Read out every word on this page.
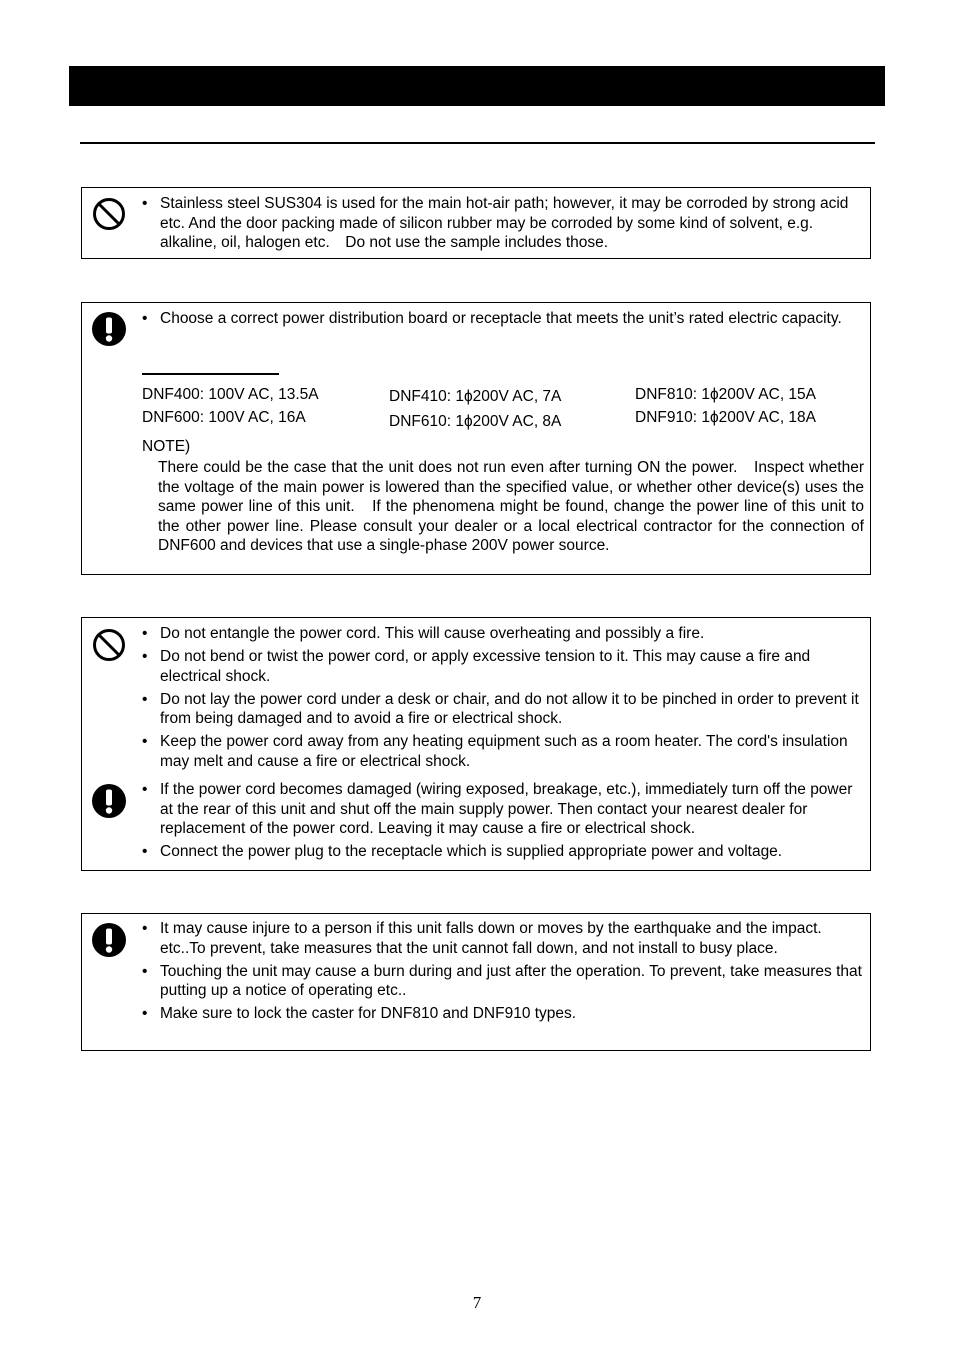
• Stainless steel SUS304 is used for the main hot-air path; however, it may be corroded by strong acid etc. And the door packing made of silicon rubber may be corroded by some kind of solvent, e.g. alkaline, oil, halogen etc.　Do not use the sample includes those.
• Choose a correct power distribution board or receptacle that meets the unit’s rated electric capacity.
DNF400: 100V AC, 13.5A
DNF600: 100V AC, 16A
DNF410: 1ϕ200V AC, 7A
DNF610: 1ϕ200V AC, 8A
DNF810: 1ϕ200V AC, 15A
DNF910: 1ϕ200V AC, 18A
NOTE)
There could be the case that the unit does not run even after turning ON the power.　Inspect whether the voltage of the main power is lowered than the specified value, or whether other device(s) uses the same power line of this unit.　If the phenomena might be found, change the power line of this unit to the other power line. Please consult your dealer or a local electrical contractor for the connection of DNF600 and devices that use a single-phase 200V power source.
• Do not entangle the power cord. This will cause overheating and possibly a fire.
• Do not bend or twist the power cord, or apply excessive tension to it. This may cause a fire and electrical shock.
• Do not lay the power cord under a desk or chair, and do not allow it to be pinched in order to prevent it from being damaged and to avoid a fire or electrical shock.
• Keep the power cord away from any heating equipment such as a room heater. The cord's insulation may melt and cause a fire or electrical shock.
• If the power cord becomes damaged (wiring exposed, breakage, etc.), immediately turn off the power at the rear of this unit and shut off the main supply power. Then contact your nearest dealer for replacement of the power cord. Leaving it may cause a fire or electrical shock.
• Connect the power plug to the receptacle which is supplied appropriate power and voltage.
• It may cause injure to a person if this unit falls down or moves by the earthquake and the impact. etc..To prevent, take measures that the unit cannot fall down, and not install to busy place.
• Touching the unit may cause a burn during and just after the operation. To prevent, take measures that putting up a notice of operating etc..
• Make sure to lock the caster for DNF810 and DNF910 types.
7
